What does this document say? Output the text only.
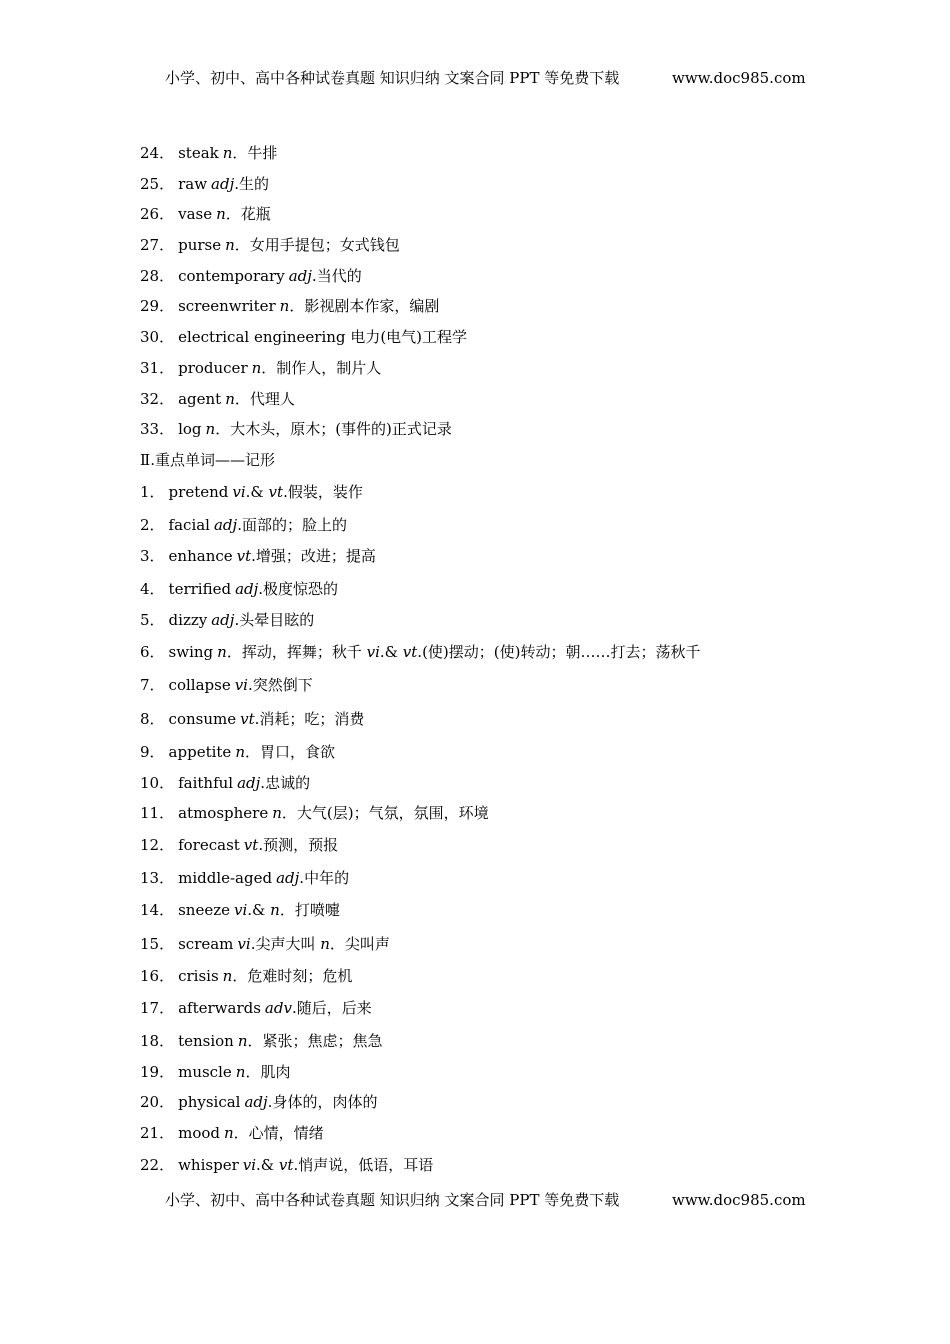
小学、初中、高中各种试卷真题 知识归纳 文案合同 PPT 等免费下载	www.doc985.com
24． steak n．牛排
25． raw adj.生的
26． vase n．花瓶
27． purse n．女用手提包；女式钱包
28． contemporary adj.当代的
29． screenwriter n．影视剧本作家，编剧
30． electrical engineering 电力(电气)工程学
31． producer n．制作人，制片人
32． agent n．代理人
33． log n．大木头，原木；(事件的)正式记录
Ⅱ.重点单词——记形
1． pretend vi.& vt.假装，装作
2． facial adj.面部的；脸上的
3． enhance vt.增强；改进；提高
4． terrified adj.极度惊恐的
5． dizzy adj.头晕目眩的
6． swing n．挥动，挥舞；秋千 vi.& vt.(使)摆动；(使)转动；朝……打去；荡秋千
7． collapse vi.突然倒下
8． consume vt.消耗；吃；消费
9． appetite n．胃口，食欲
10． faithful adj.忠诚的
11． atmosphere n．大气(层)；气氛，氛围，环境
12． forecast vt.预测，预报
13． middle-aged adj.中年的
14． sneeze vi.& n．打喷嚏
15． scream vi.尖声大叫 n．尖叫声
16． crisis n．危难时刻；危机
17． afterwards adv.随后，后来
18． tension n．紧张；焦虑；焦急
19． muscle n．肌肉
20． physical adj.身体的，肉体的
21． mood n．心情，情绪
22． whisper vi.& vt.悄声说，低语，耳语
小学、初中、高中各种试卷真题 知识归纳 文案合同 PPT 等免费下载	www.doc985.com
